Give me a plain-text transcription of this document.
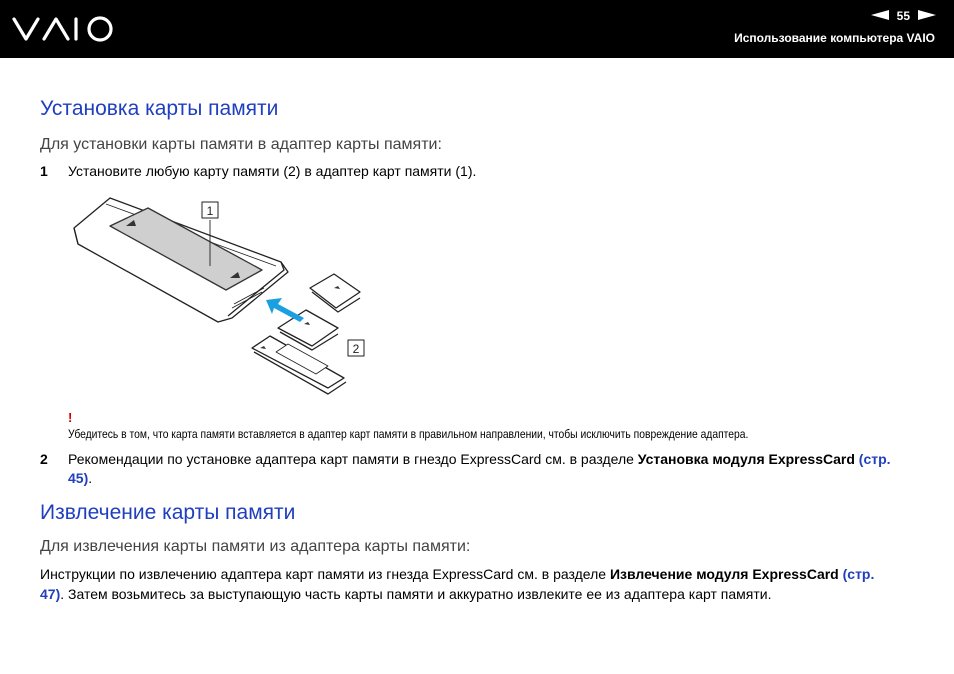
VAIO	55
Использование компьютера VAIO
Установка карты памяти
Для установки карты памяти в адаптер карты памяти:
1 Установите любую карту памяти (2) в адаптер карт памяти (1).
1
2
!
Убедитесь в том, что карта памяти вставляется в адаптер карт памяти в правильном направлении, чтобы исключить повреждение адаптера.
2 Рекомендации по установке адаптера карт памяти в гнездо ExpressCard см. в разделе Установка модуля ExpressCard (стр. 45).
Извлечение карты памяти
Для извлечения карты памяти из адаптера карты памяти:
Инструкции по извлечению адаптера карт памяти из гнезда ExpressCard см. в разделе Извлечение модуля ExpressCard (стр. 47). Затем возьмитесь за выступающую часть карты памяти и аккуратно извлеките ее из адаптера карт памяти.
